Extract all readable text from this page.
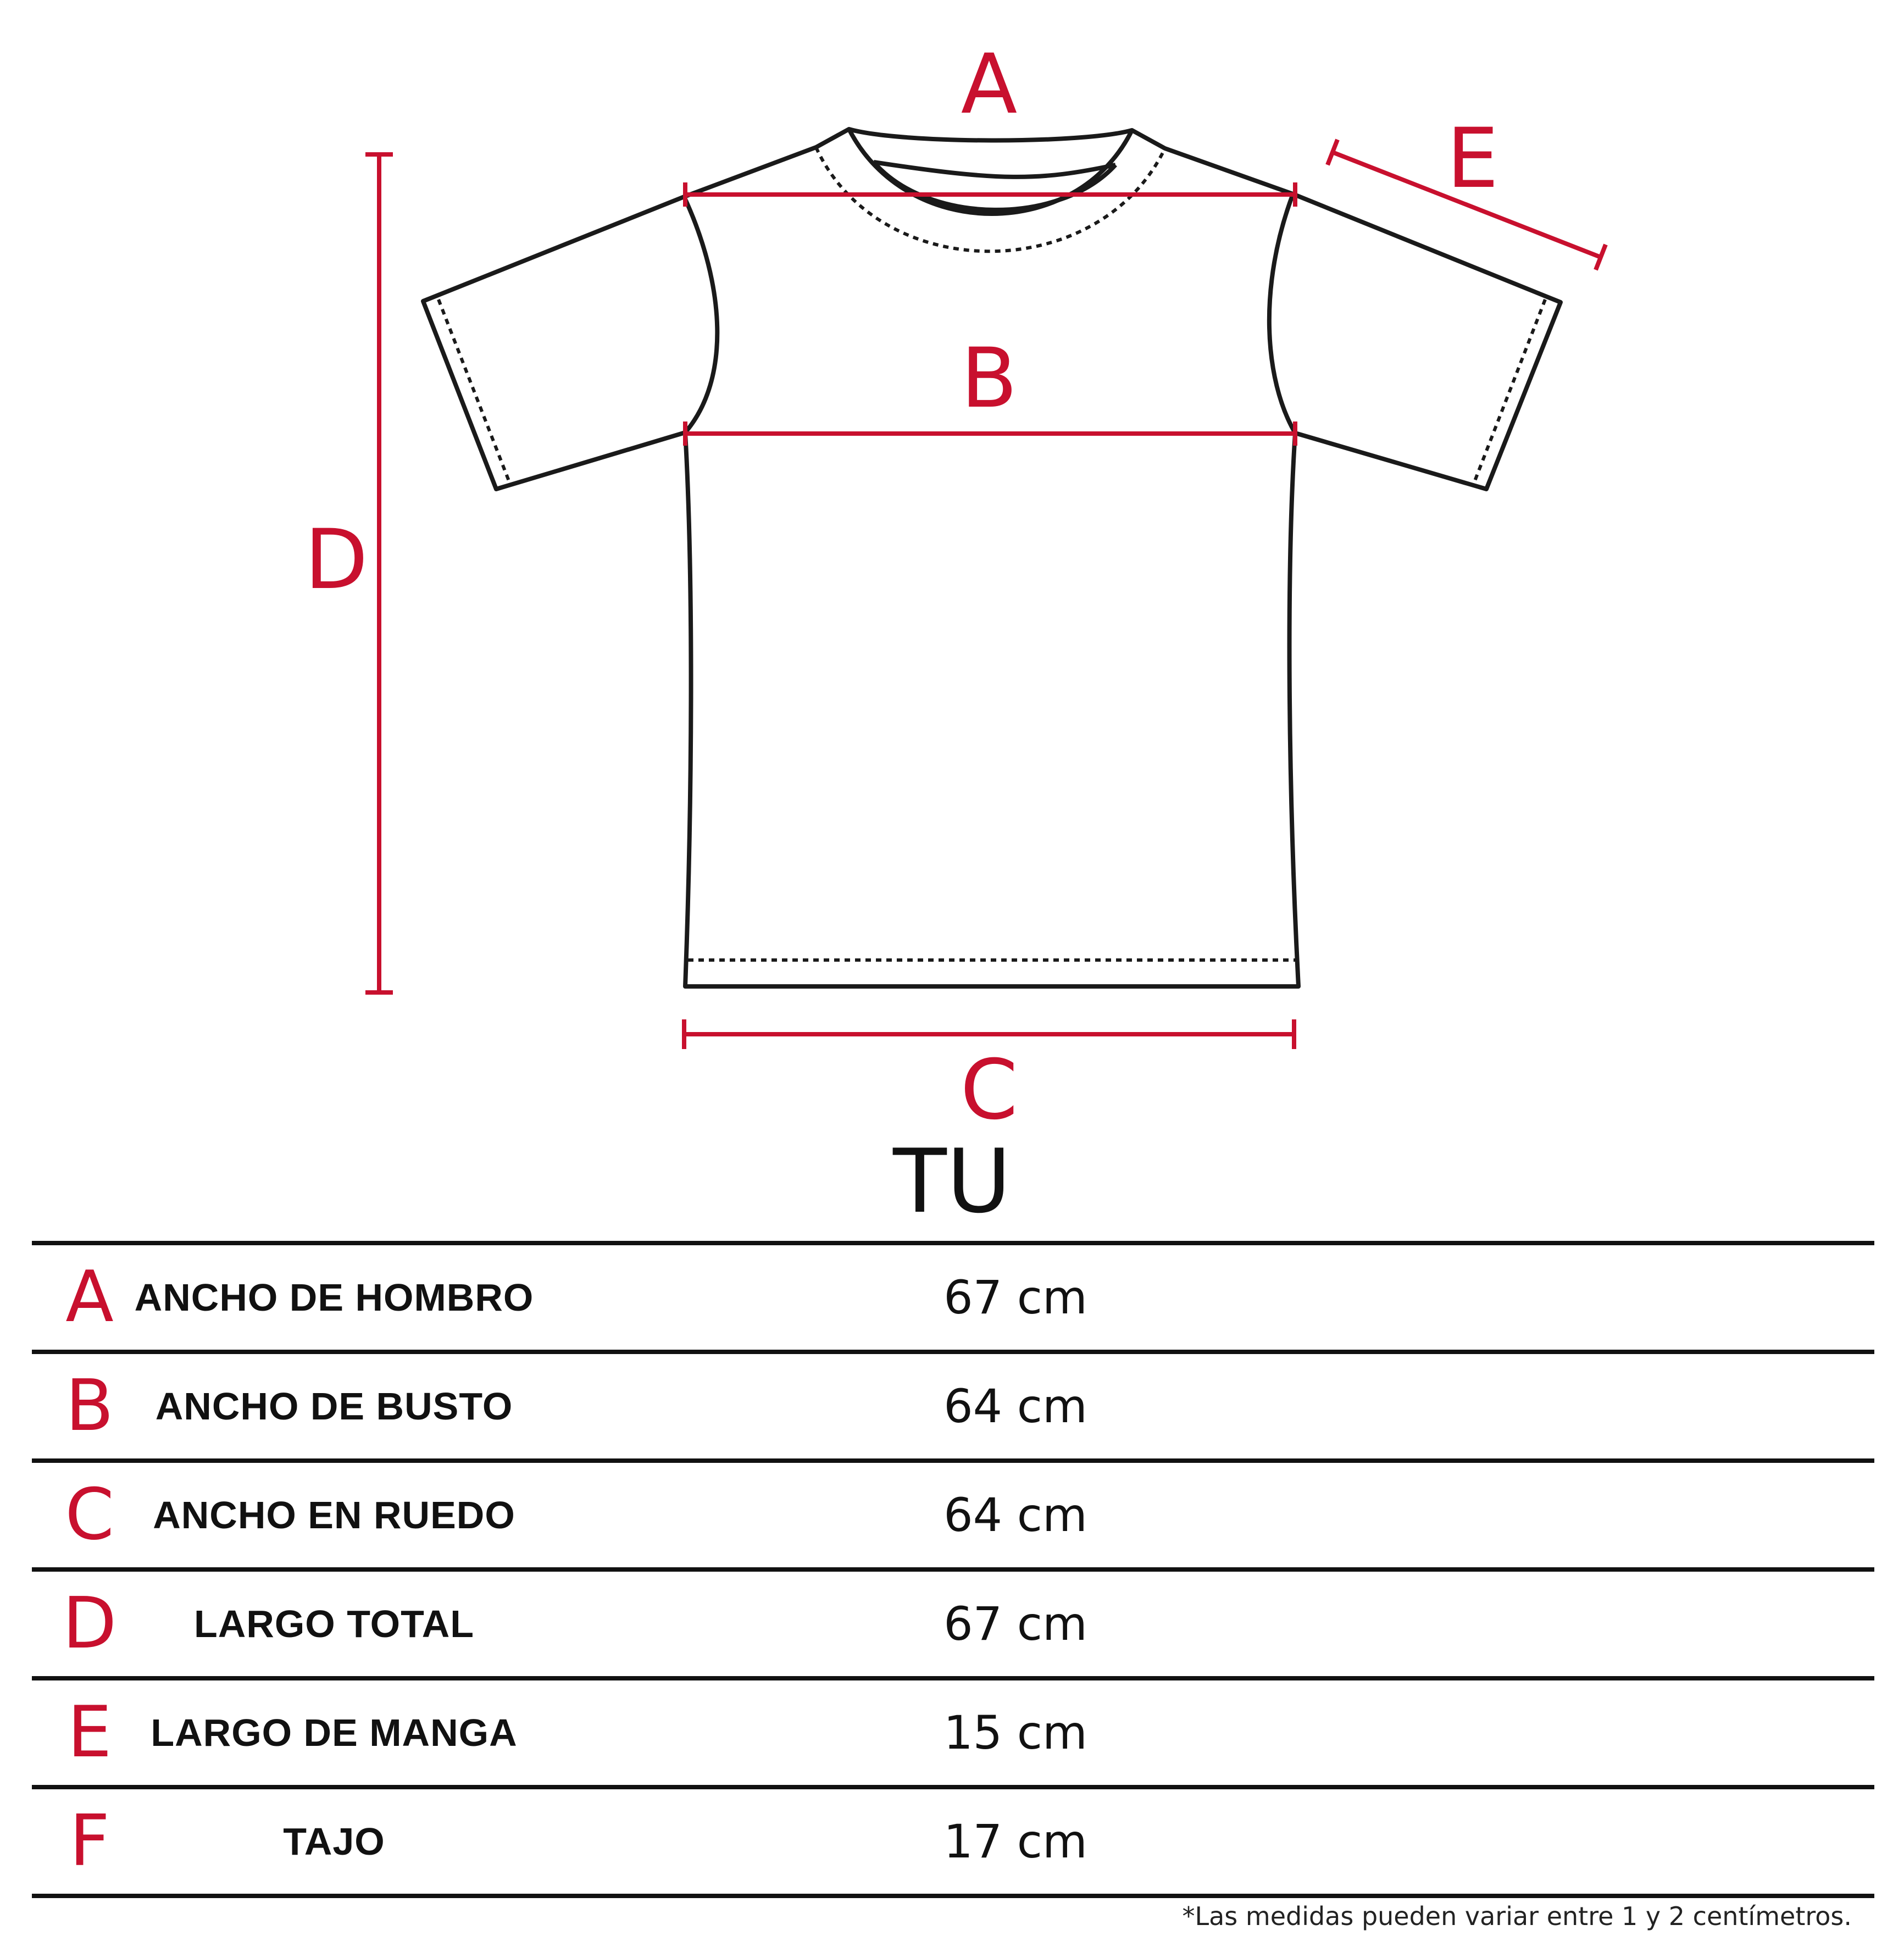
A
B
C
D
E
TU
A ANCHO DE HOMBRO	67 cm
B	ANCHO DE BUSTO	64 cm
C	ANCHO EN RUEDO	64 cm
D	LARGO TOTAL	67 cm
E	LARGO DE MANGA	15 cm
F	TAJO	17 cm
*Las medidas pueden variar entre 1 y 2 centímetros.
